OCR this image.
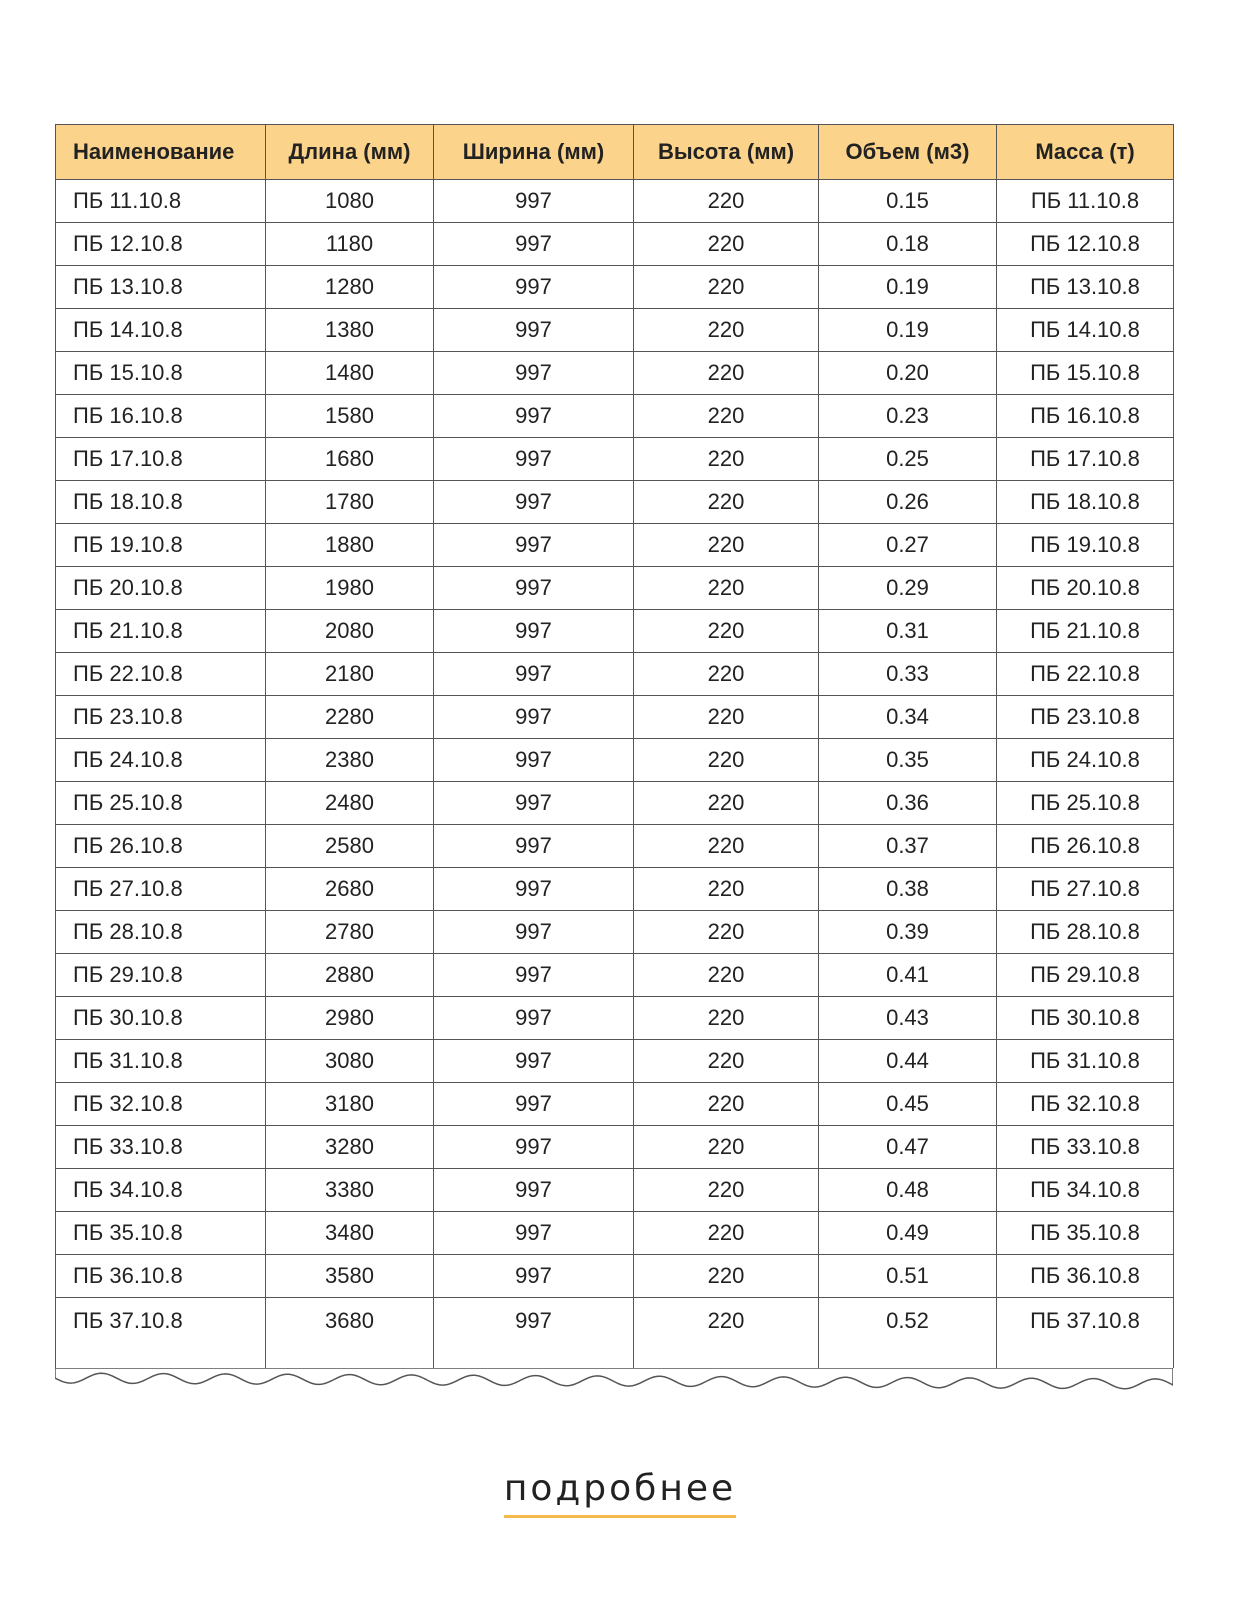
Наименование	Длина (мм)	Ширина (мм)	Высота (мм)	Объем (м3)	Масса (т)
ПБ 11.10.8	1080	997	220	0.15	ПБ 11.10.8
ПБ 12.10.8	1180	997	220	0.18	ПБ 12.10.8
ПБ 13.10.8	1280	997	220	0.19	ПБ 13.10.8
ПБ 14.10.8	1380	997	220	0.19	ПБ 14.10.8
ПБ 15.10.8	1480	997	220	0.20	ПБ 15.10.8
ПБ 16.10.8	1580	997	220	0.23	ПБ 16.10.8
ПБ 17.10.8	1680	997	220	0.25	ПБ 17.10.8
ПБ 18.10.8	1780	997	220	0.26	ПБ 18.10.8
ПБ 19.10.8	1880	997	220	0.27	ПБ 19.10.8
ПБ 20.10.8	1980	997	220	0.29	ПБ 20.10.8
ПБ 21.10.8	2080	997	220	0.31	ПБ 21.10.8
ПБ 22.10.8	2180	997	220	0.33	ПБ 22.10.8
ПБ 23.10.8	2280	997	220	0.34	ПБ 23.10.8
ПБ 24.10.8	2380	997	220	0.35	ПБ 24.10.8
ПБ 25.10.8	2480	997	220	0.36	ПБ 25.10.8
ПБ 26.10.8	2580	997	220	0.37	ПБ 26.10.8
ПБ 27.10.8	2680	997	220	0.38	ПБ 27.10.8
ПБ 28.10.8	2780	997	220	0.39	ПБ 28.10.8
ПБ 29.10.8	2880	997	220	0.41	ПБ 29.10.8
ПБ 30.10.8	2980	997	220	0.43	ПБ 30.10.8
ПБ 31.10.8	3080	997	220	0.44	ПБ 31.10.8
ПБ 32.10.8	3180	997	220	0.45	ПБ 32.10.8
ПБ 33.10.8	3280	997	220	0.47	ПБ 33.10.8
ПБ 34.10.8	3380	997	220	0.48	ПБ 34.10.8
ПБ 35.10.8	3480	997	220	0.49	ПБ 35.10.8
ПБ 36.10.8	3580	997	220	0.51	ПБ 36.10.8
ПБ 37.10.8	3680	997	220	0.52	ПБ 37.10.8
подробнее
